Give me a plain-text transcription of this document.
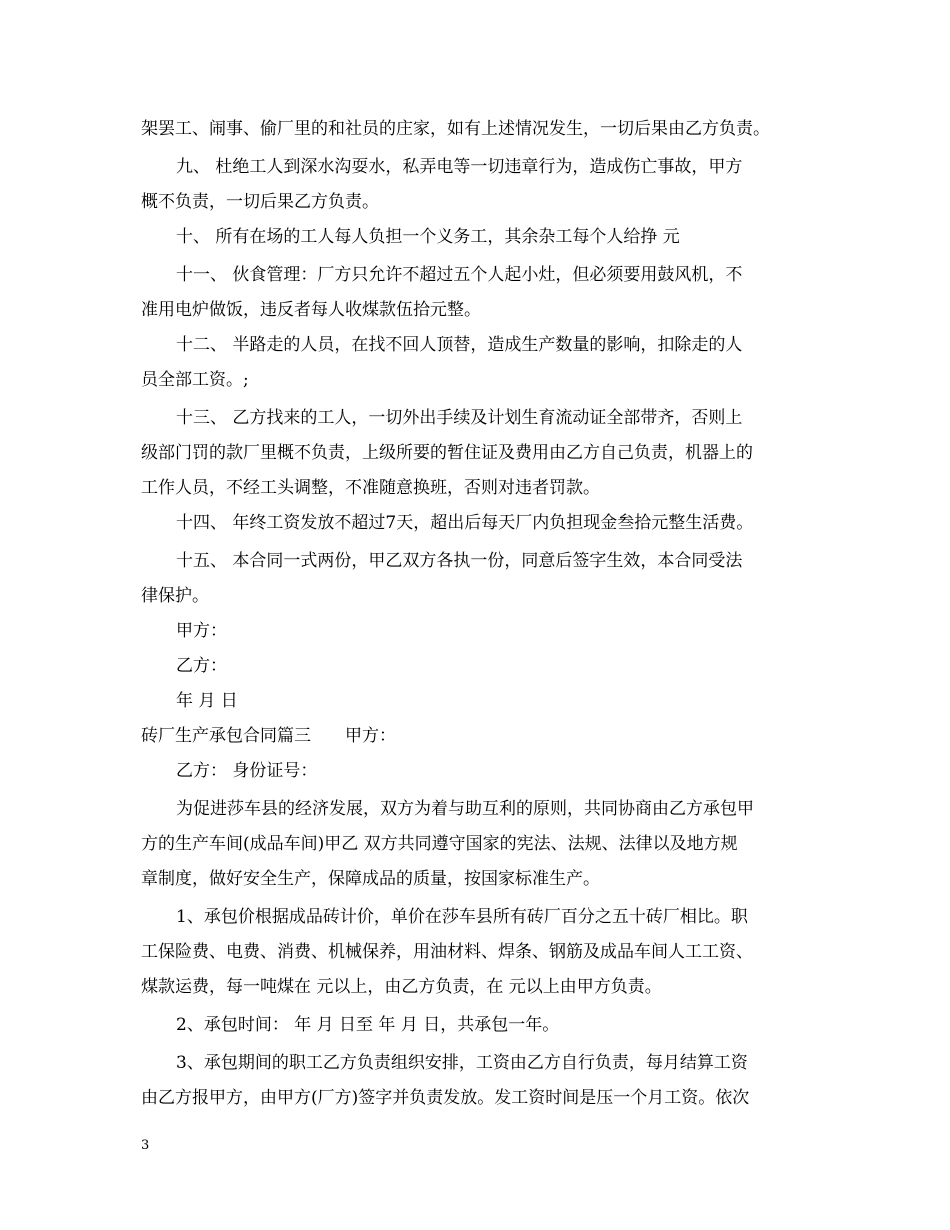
架罢工、闹事、偷厂里的和社员的庄家，如有上述情况发生，一切后果由乙方负责。
九、 杜绝工人到深水沟耍水，私弄电等一切违章行为，造成伤亡事故，甲方
概不负责，一切后果乙方负责。
十、 所有在场的工人每人负担一个义务工，其余杂工每个人给挣 元
十一、 伙食管理：厂方只允许不超过五个人起小灶，但必须要用鼓风机，不
准用电炉做饭，违反者每人收煤款伍拾元整。
十二、 半路走的人员，在找不回人顶替，造成生产数量的影响，扣除走的人
员全部工资。;
十三、 乙方找来的工人，一切外出手续及计划生育流动证全部带齐，否则上
级部门罚的款厂里概不负责，上级所要的暂住证及费用由乙方自己负责，机器上的
工作人员，不经工头调整，不准随意换班，否则对违者罚款。
十四、 年终工资发放不超过7天，超出后每天厂内负担现金叁拾元整生活费。
十五、 本合同一式两份，甲乙双方各执一份，同意后签字生效，本合同受法
律保护。
甲方：
乙方：
年 月 日
砖厂生产承包合同篇三　　甲方：
乙方： 身份证号：
为促进莎车县的经济发展，双方为着与助互利的原则，共同协商由乙方承包甲
方的生产车间(成品车间)甲乙 双方共同遵守国家的宪法、法规、法律以及地方规
章制度，做好安全生产，保障成品的质量，按国家标准生产。
1、承包价根据成品砖计价，单价在莎车县所有砖厂百分之五十砖厂相比。职
工保险费、电费、消费、机械保养，用油材料、焊条、钢筋及成品车间人工工资、
煤款运费，每一吨煤在 元以上，由乙方负责，在 元以上由甲方负责。
2、承包时间： 年 月 日至 年 月 日，共承包一年。
3、承包期间的职工乙方负责组织安排，工资由乙方自行负责，每月结算工资
由乙方报甲方，由甲方(厂方)签字并负责发放。发工资时间是压一个月工资。依次
3
